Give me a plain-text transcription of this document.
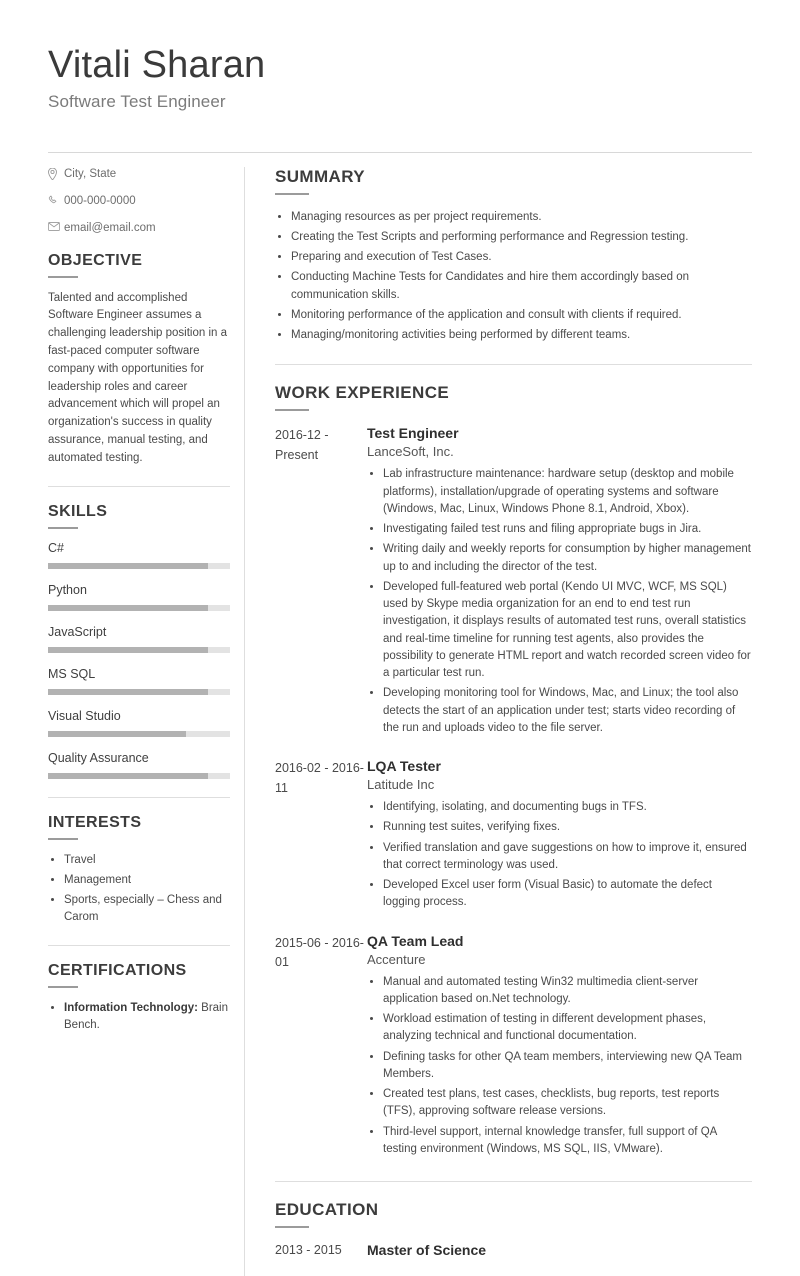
Vitali Sharan

Software Test Engineer

City, State
000-000-0000
email@email.com
OBJECTIVE

Talented and accomplished Software Engineer assumes a challenging leadership position in a fast-paced computer software company with opportunities for leadership roles and career advancement which will propel an organization's success in quality assurance, manual testing, and automated testing.

SKILLS
C#
Python
JavaScript
MS SQL
Visual Studio
Quality Assurance
INTERESTS
• Travel
• Management
• Sports, especially – Chess and Carom
CERTIFICATIONS
• Information Technology: Brain Bench.
SUMMARY
• Managing resources as per project requirements.
• Creating the Test Scripts and performing performance and Regression testing.
• Preparing and execution of Test Cases.
• Conducting Machine Tests for Candidates and hire them accordingly based on communication skills.
• Monitoring performance of the application and consult with clients if required.
• Managing/monitoring activities being performed by different teams.
WORK EXPERIENCE
2016-12 - Present
Test Engineer
LanceSoft, Inc.
• Lab infrastructure maintenance: hardware setup (desktop and mobile platforms), installation/upgrade of operating systems and software (Windows, Mac, Linux, Windows Phone 8.1, Android, Xbox).
• Investigating failed test runs and filing appropriate bugs in Jira.
• Writing daily and weekly reports for consumption by higher management up to and including the director of the test.
• Developed full-featured web portal (Kendo UI MVC, WCF, MS SQL) used by Skype media organization for an end to end test run investigation, it displays results of automated test runs, overall statistics and real-time timeline for running test agents, also provides the possibility to generate HTML report and watch recorded screen video for a particular test run.
• Developing monitoring tool for Windows, Mac, and Linux; the tool also detects the start of an application under test; starts video recording of the run and uploads video to the file server.
2016-02 - 2016-11
LQA Tester
Latitude Inc
• Identifying, isolating, and documenting bugs in TFS.
• Running test suites, verifying fixes.
• Verified translation and gave suggestions on how to improve it, ensured that correct terminology was used.
• Developed Excel user form (Visual Basic) to automate the defect logging process.
2015-06 - 2016-01
QA Team Lead
Accenture
• Manual and automated testing Win32 multimedia client-server application based on.Net technology.
• Workload estimation of testing in different development phases, analyzing technical and functional documentation.
• Defining tasks for other QA team members, interviewing new QA Team Members.
• Created test plans, test cases, checklists, bug reports, test reports (TFS), approving software release versions.
• Third-level support, internal knowledge transfer, full support of QA testing environment (Windows, MS SQL, IIS, VMware).
EDUCATION
2013 - 2015	Master of Science
